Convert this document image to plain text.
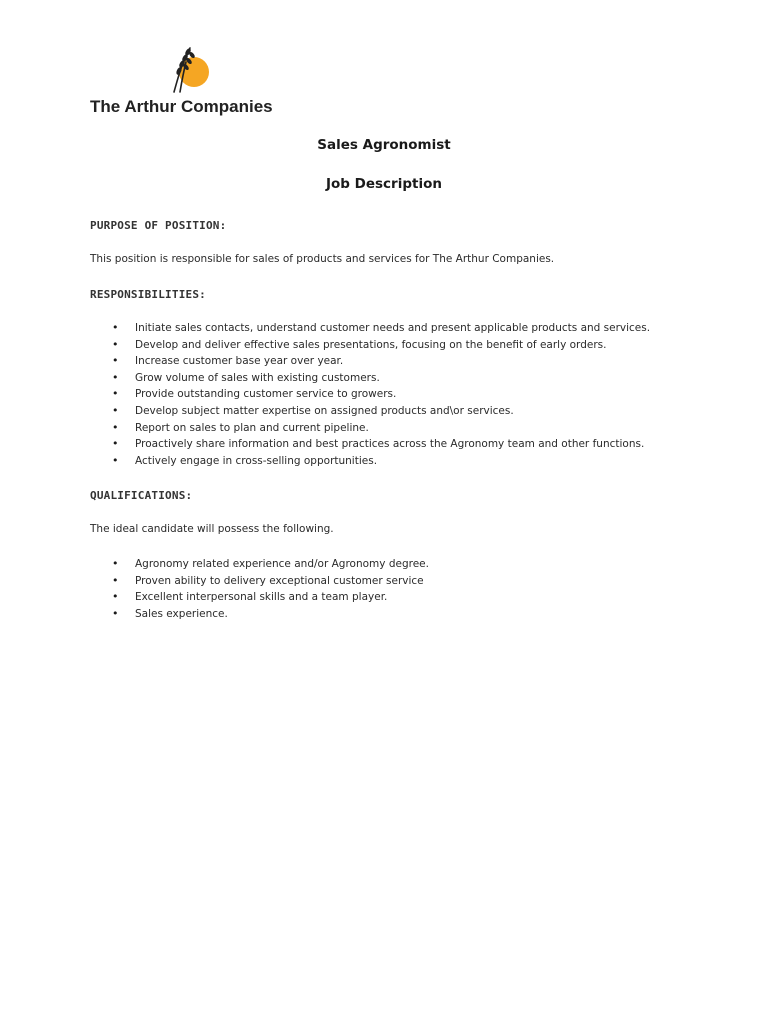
The Arthur Companies
Sales Agronomist
Job Description
PURPOSE OF POSITION:
This position is responsible for sales of products and services for The Arthur Companies.
RESPONSIBILITIES:
• Initiate sales contacts, understand customer needs and present applicable products and services.
• Develop and deliver effective sales presentations, focusing on the benefit of early orders.
• Increase customer base year over year.
• Grow volume of sales with existing customers.
• Provide outstanding customer service to growers.
• Develop subject matter expertise on assigned products and\or services.
• Report on sales to plan and current pipeline.
• Proactively share information and best practices across the Agronomy team and other functions.
• Actively engage in cross-selling opportunities.
QUALIFICATIONS:
The ideal candidate will possess the following.
• Agronomy related experience and/or Agronomy degree.
• Proven ability to delivery exceptional customer service
• Excellent interpersonal skills and a team player.
• Sales experience.
